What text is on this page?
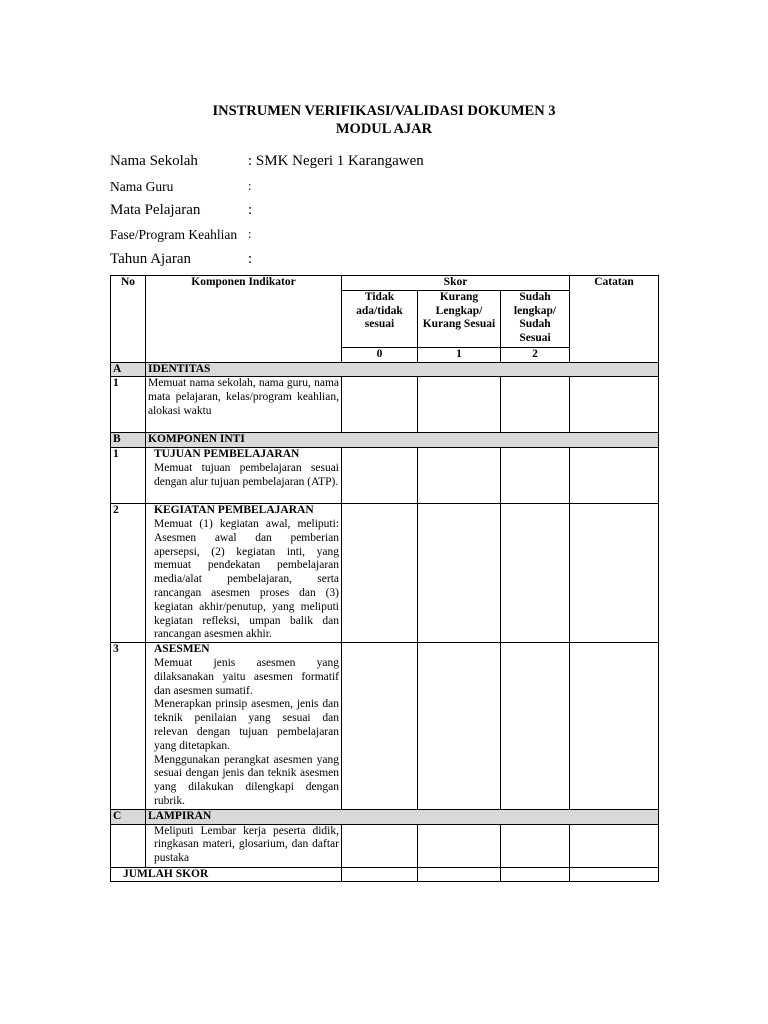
INSTRUMEN VERIFIKASI/VALIDASI DOKUMEN 3
MODUL AJAR
Nama Sekolah	: SMK Negeri 1 Karangawen
Nama Guru	:
Mata Pelajaran	:
Fase/Program Keahlian :
Tahun Ajaran	:
No	Komponen Indikator	Skor			Catatan
		Tidak ada/tidak sesuai	Kurang Lengkap/ Kurang Sesuai	Sudah lengkap/ Sudah Sesuai	
		0	1	2	
A	IDENTITAS				
1	Memuat nama sekolah, nama guru, nama mata pelajaran, kelas/program keahlian, alokasi waktu				
B	KOMPONEN INTI				
1	TUJUAN PEMBELAJARAN
Memuat tujuan pembelajaran sesuai dengan alur tujuan pembelajaran (ATP).				

2	KEGIATAN PEMBELAJARAN
Memuat (1) kegiatan awal, meliputi: Asesmen awal dan pemberian apersepsi, (2) kegiatan inti, yang memuat pendekatan pembelajaran media/alat pembelajaran, serta rancangan asesmen proses dan (3) kegiatan akhir/penutup, yang meliputi kegiatan refleksi, umpan balik dan rancangan asesmen akhir.				

3	ASESMEN
Memuat jenis asesmen yang dilaksanakan yaitu asesmen formatif dan asesmen sumatif.
Menerapkan prinsip asesmen, jenis dan teknik penilaian yang sesuai dan relevan dengan tujuan pembelajaran yang ditetapkan.
Menggunakan perangkat asesmen yang sesuai dengan jenis dan teknik asesmen yang dilakukan dilengkapi dengan rubrik.				

C	LAMPIRAN				
	Meliputi Lembar kerja peserta didik, ringkasan materi, glosarium, dan daftar pustaka				
JUMLAH SKOR					
